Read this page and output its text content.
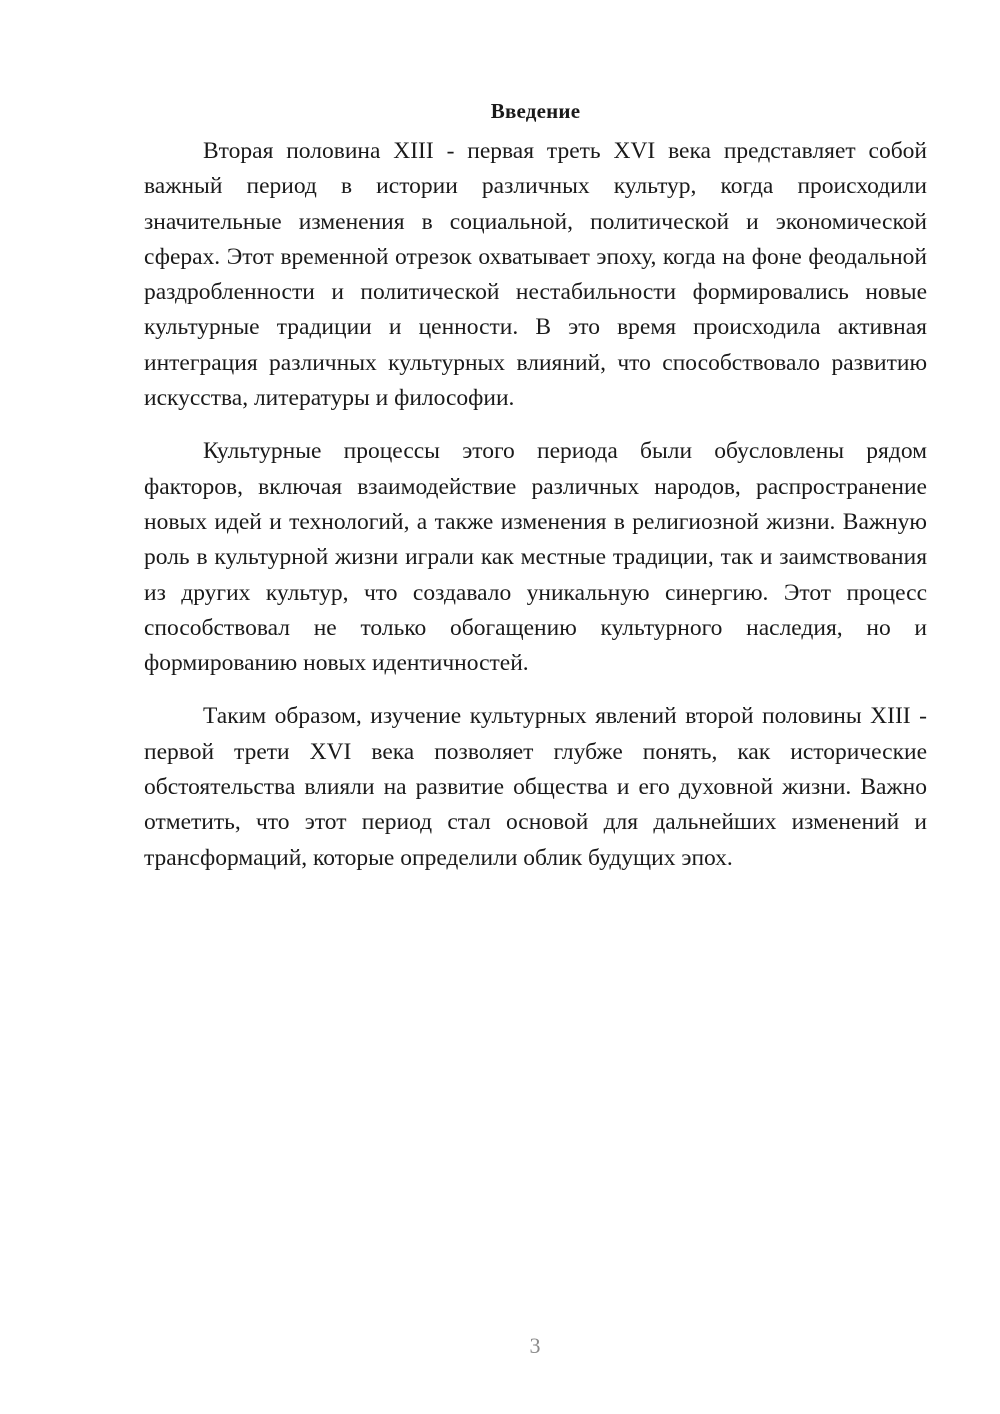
Введение

Вторая половина XIII - первая треть XVI века представляет собой важный период в истории различных культур, когда происходили значительные изменения в социальной, политической и экономической сферах. Этот временной отрезок охватывает эпоху, когда на фоне феодальной раздробленности и политической нестабильности формировались новые культурные традиции и ценности. В это время происходила активная интеграция различных культурных влияний, что способствовало развитию искусства, литературы и философии.

Культурные процессы этого периода были обусловлены рядом факторов, включая взаимодействие различных народов, распространение новых идей и технологий, а также изменения в религиозной жизни. Важную роль в культурной жизни играли как местные традиции, так и заимствования из других культур, что создавало уникальную синергию. Этот процесс способствовал не только обогащению культурного наследия, но и формированию новых идентичностей.

Таким образом, изучение культурных явлений второй половины XIII - первой трети XVI века позволяет глубже понять, как исторические обстоятельства влияли на развитие общества и его духовной жизни. Важно отметить, что этот период стал основой для дальнейших изменений и трансформаций, которые определили облик будущих эпох.

3
